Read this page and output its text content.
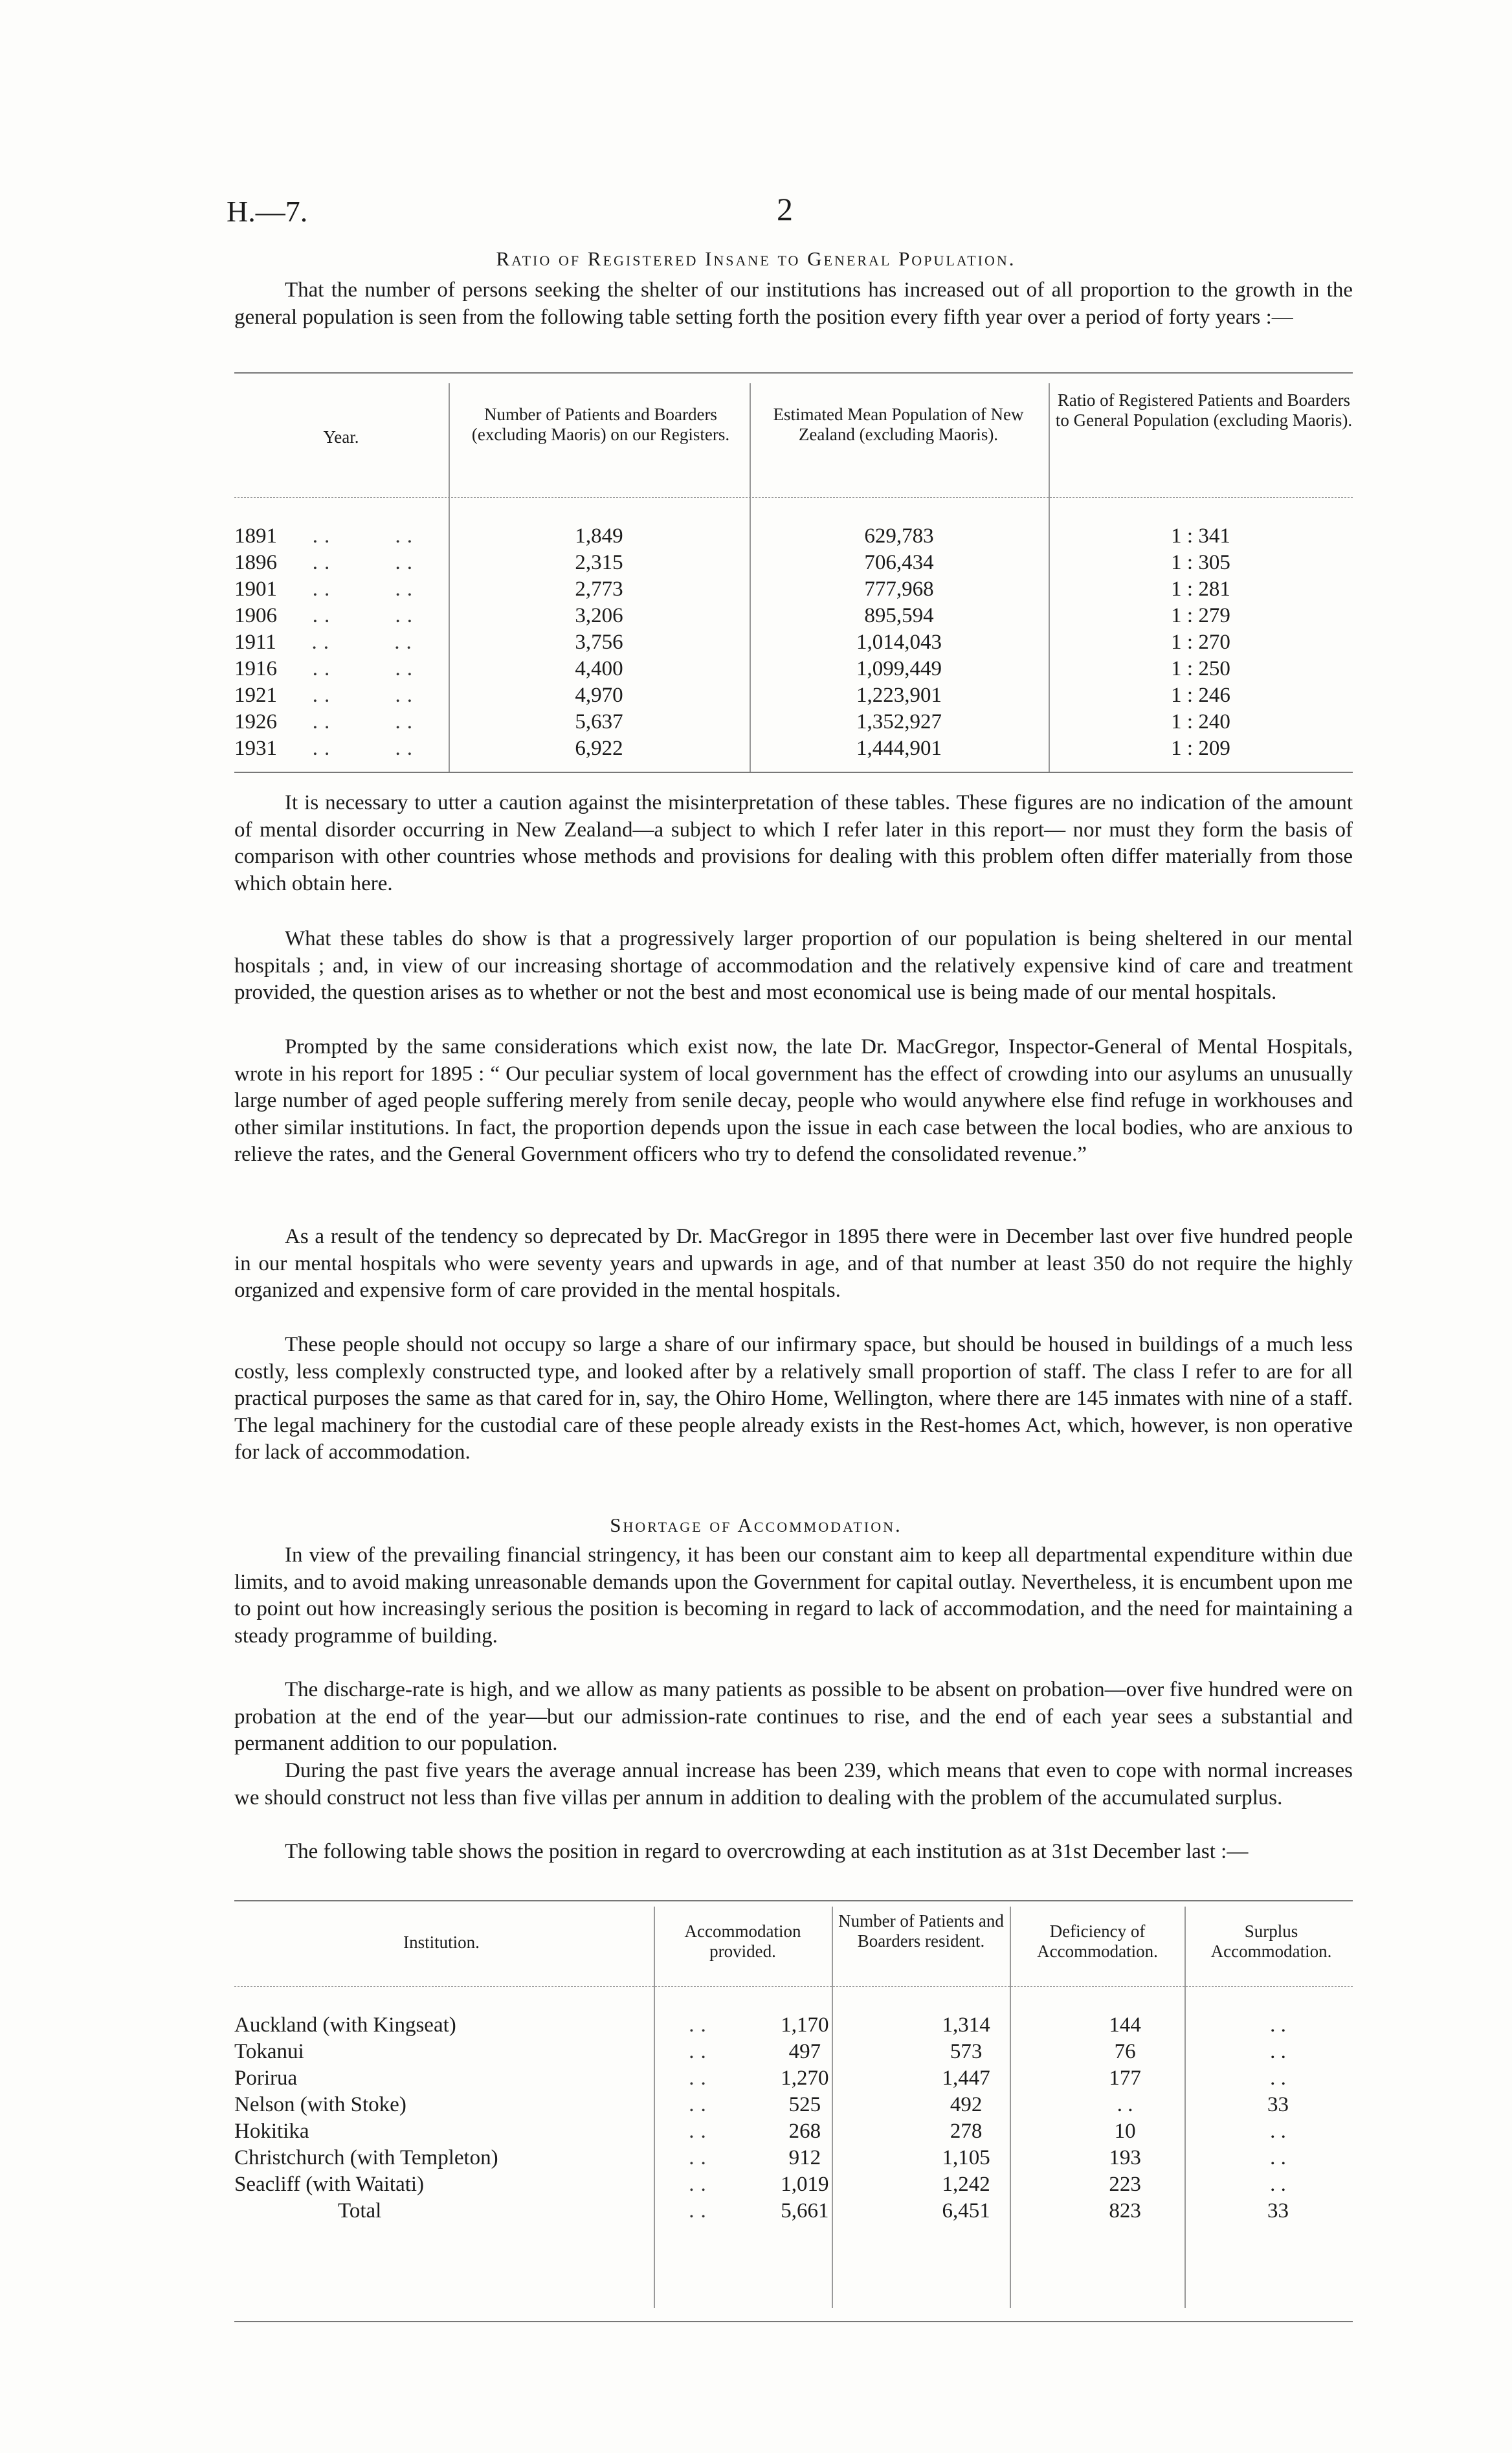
H.—7.	2
Ratio of Registered Insane to General Population.

That the number of persons seeking the shelter of our institutions has increased out of all proportion to the growth in the general population is seen from the following table setting forth the position every fifth year over a period of forty years :—

Year.
Number of Patients and Boarders (excluding Maoris) on our Registers.
Estimated Mean Population of New Zealand (excluding Maoris).
Ratio of Registered Patients and Boarders to General Population (excluding Maoris).
1891   ..     ..	1,849	629,783	1 : 341
1896   ..     ..	2,315	706,434	1 : 305
1901   ..     ..	2,773	777,968	1 : 281
1906   ..     ..	3,206	895,594	1 : 279
1911   ..     ..	3,756	1,014,043	1 : 270
1916   ..     ..	4,400	1,099,449	1 : 250
1921   ..     ..	4,970	1,223,901	1 : 246
1926   ..     ..	5,637	1,352,927	1 : 240
1931   ..     ..	6,922	1,444,901	1 : 209

It is necessary to utter a caution against the misinterpretation of these tables. These figures are no indication of the amount of mental disorder occurring in New Zealand—a subject to which I refer later in this report— nor must they form the basis of comparison with other countries whose methods and provisions for dealing with this problem often differ materially from those which obtain here.

What these tables do show is that a progressively larger proportion of our population is being sheltered in our mental hospitals ; and, in view of our increasing shortage of accommodation and the relatively expensive kind of care and treatment provided, the question arises as to whether or not the best and most economical use is being made of our mental hospitals.

Prompted by the same considerations which exist now, the late Dr. MacGregor, Inspector-General of Mental Hospitals, wrote in his report for 1895 : “ Our peculiar system of local government has the effect of crowding into our asylums an unusually large number of aged people suffering merely from senile decay, people who would anywhere else find refuge in workhouses and other similar institutions. In fact, the proportion depends upon the issue in each case between the local bodies, who are anxious to relieve the rates, and the General Government officers who try to defend the consolidated revenue.”

As a result of the tendency so deprecated by Dr. MacGregor in 1895 there were in December last over five hundred people in our mental hospitals who were seventy years and upwards in age, and of that number at least 350 do not require the highly organized and expensive form of care provided in the mental hospitals.

These people should not occupy so large a share of our infirmary space, but should be housed in buildings of a much less costly, less complexly constructed type, and looked after by a relatively small proportion of staff. The class I refer to are for all practical purposes the same as that cared for in, say, the Ohiro Home, Wellington, where there are 145 inmates with nine of a staff. The legal machinery for the custodial care of these people already exists in the Rest-homes Act, which, however, is non operative for lack of accommodation.

Shortage of Accommodation.

In view of the prevailing financial stringency, it has been our constant aim to keep all departmental expenditure within due limits, and to avoid making unreasonable demands upon the Government for capital outlay. Nevertheless, it is encumbent upon me to point out how increasingly serious the position is becoming in regard to lack of accommodation, and the need for maintaining a steady programme of building.

The discharge-rate is high, and we allow as many patients as possible to be absent on probation—over five hundred were on probation at the end of the year—but our admission-rate continues to rise, and the end of each year sees a substantial and permanent addition to our population.

During the past five years the average annual increase has been 239, which means that even to cope with normal increases we should construct not less than five villas per annum in addition to dealing with the problem of the accumulated surplus.

The following table shows the position in regard to overcrowding at each institution as at 31st December last :—

Institution.
Accommodation provided.
Number of Patients and Boarders resident.	Deficiency of Accommodation.
Surplus Accommodation.
Auckland (with Kingseat) ..	1,170	1,314	144	. .
Tokanui ..	497	573	76	. .
Porirua ..	1,270	1,447	177	. .
Nelson (with Stoke) ..	525	492	. .	33
Hokitika ..	268	278	10	. .
Christchurch (with Templeton) ..	912	1,105	193	. .
Seacliff (with Waitati) ..	1,019	1,242	223	. .
Total ..	5,661	6,451	823	33
